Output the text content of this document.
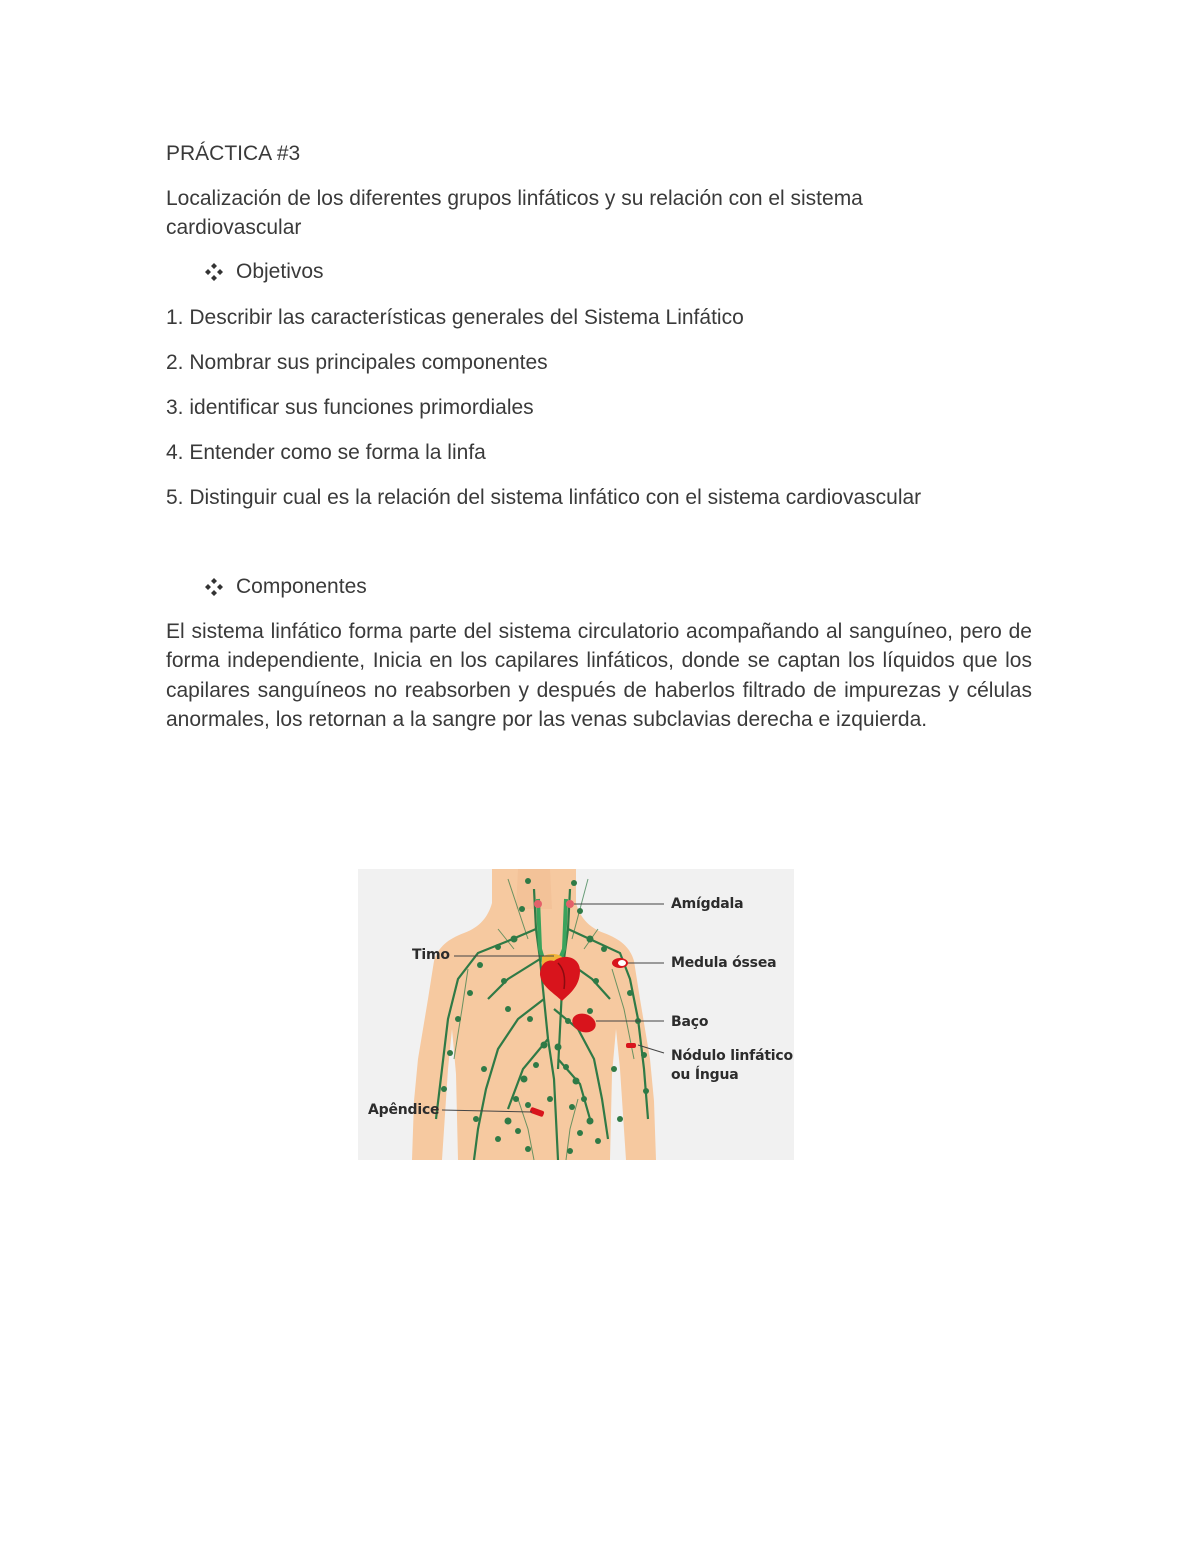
PRÁCTICA #3
Localización de los diferentes grupos linfáticos y su relación con el sistema cardiovascular
Objetivos
1. Describir las características generales del Sistema Linfático
2. Nombrar sus principales componentes
3. identificar sus funciones primordiales
4. Entender como se forma la linfa
5. Distinguir cual es la relación del sistema linfático con el sistema cardiovascular
Componentes
El sistema linfático forma parte del sistema circulatorio acompañando al sanguíneo, pero de forma independiente, Inicia en los capilares linfáticos, donde se captan los líquidos que los capilares sanguíneos no reabsorben y después de haberlos filtrado de impurezas y células anormales, los retornan a la sangre por las venas subclavias derecha e izquierda.
Amígdala
Timo	Medula óssea
Baço
Nódulo linfático
ou Íngua
Apêndice
